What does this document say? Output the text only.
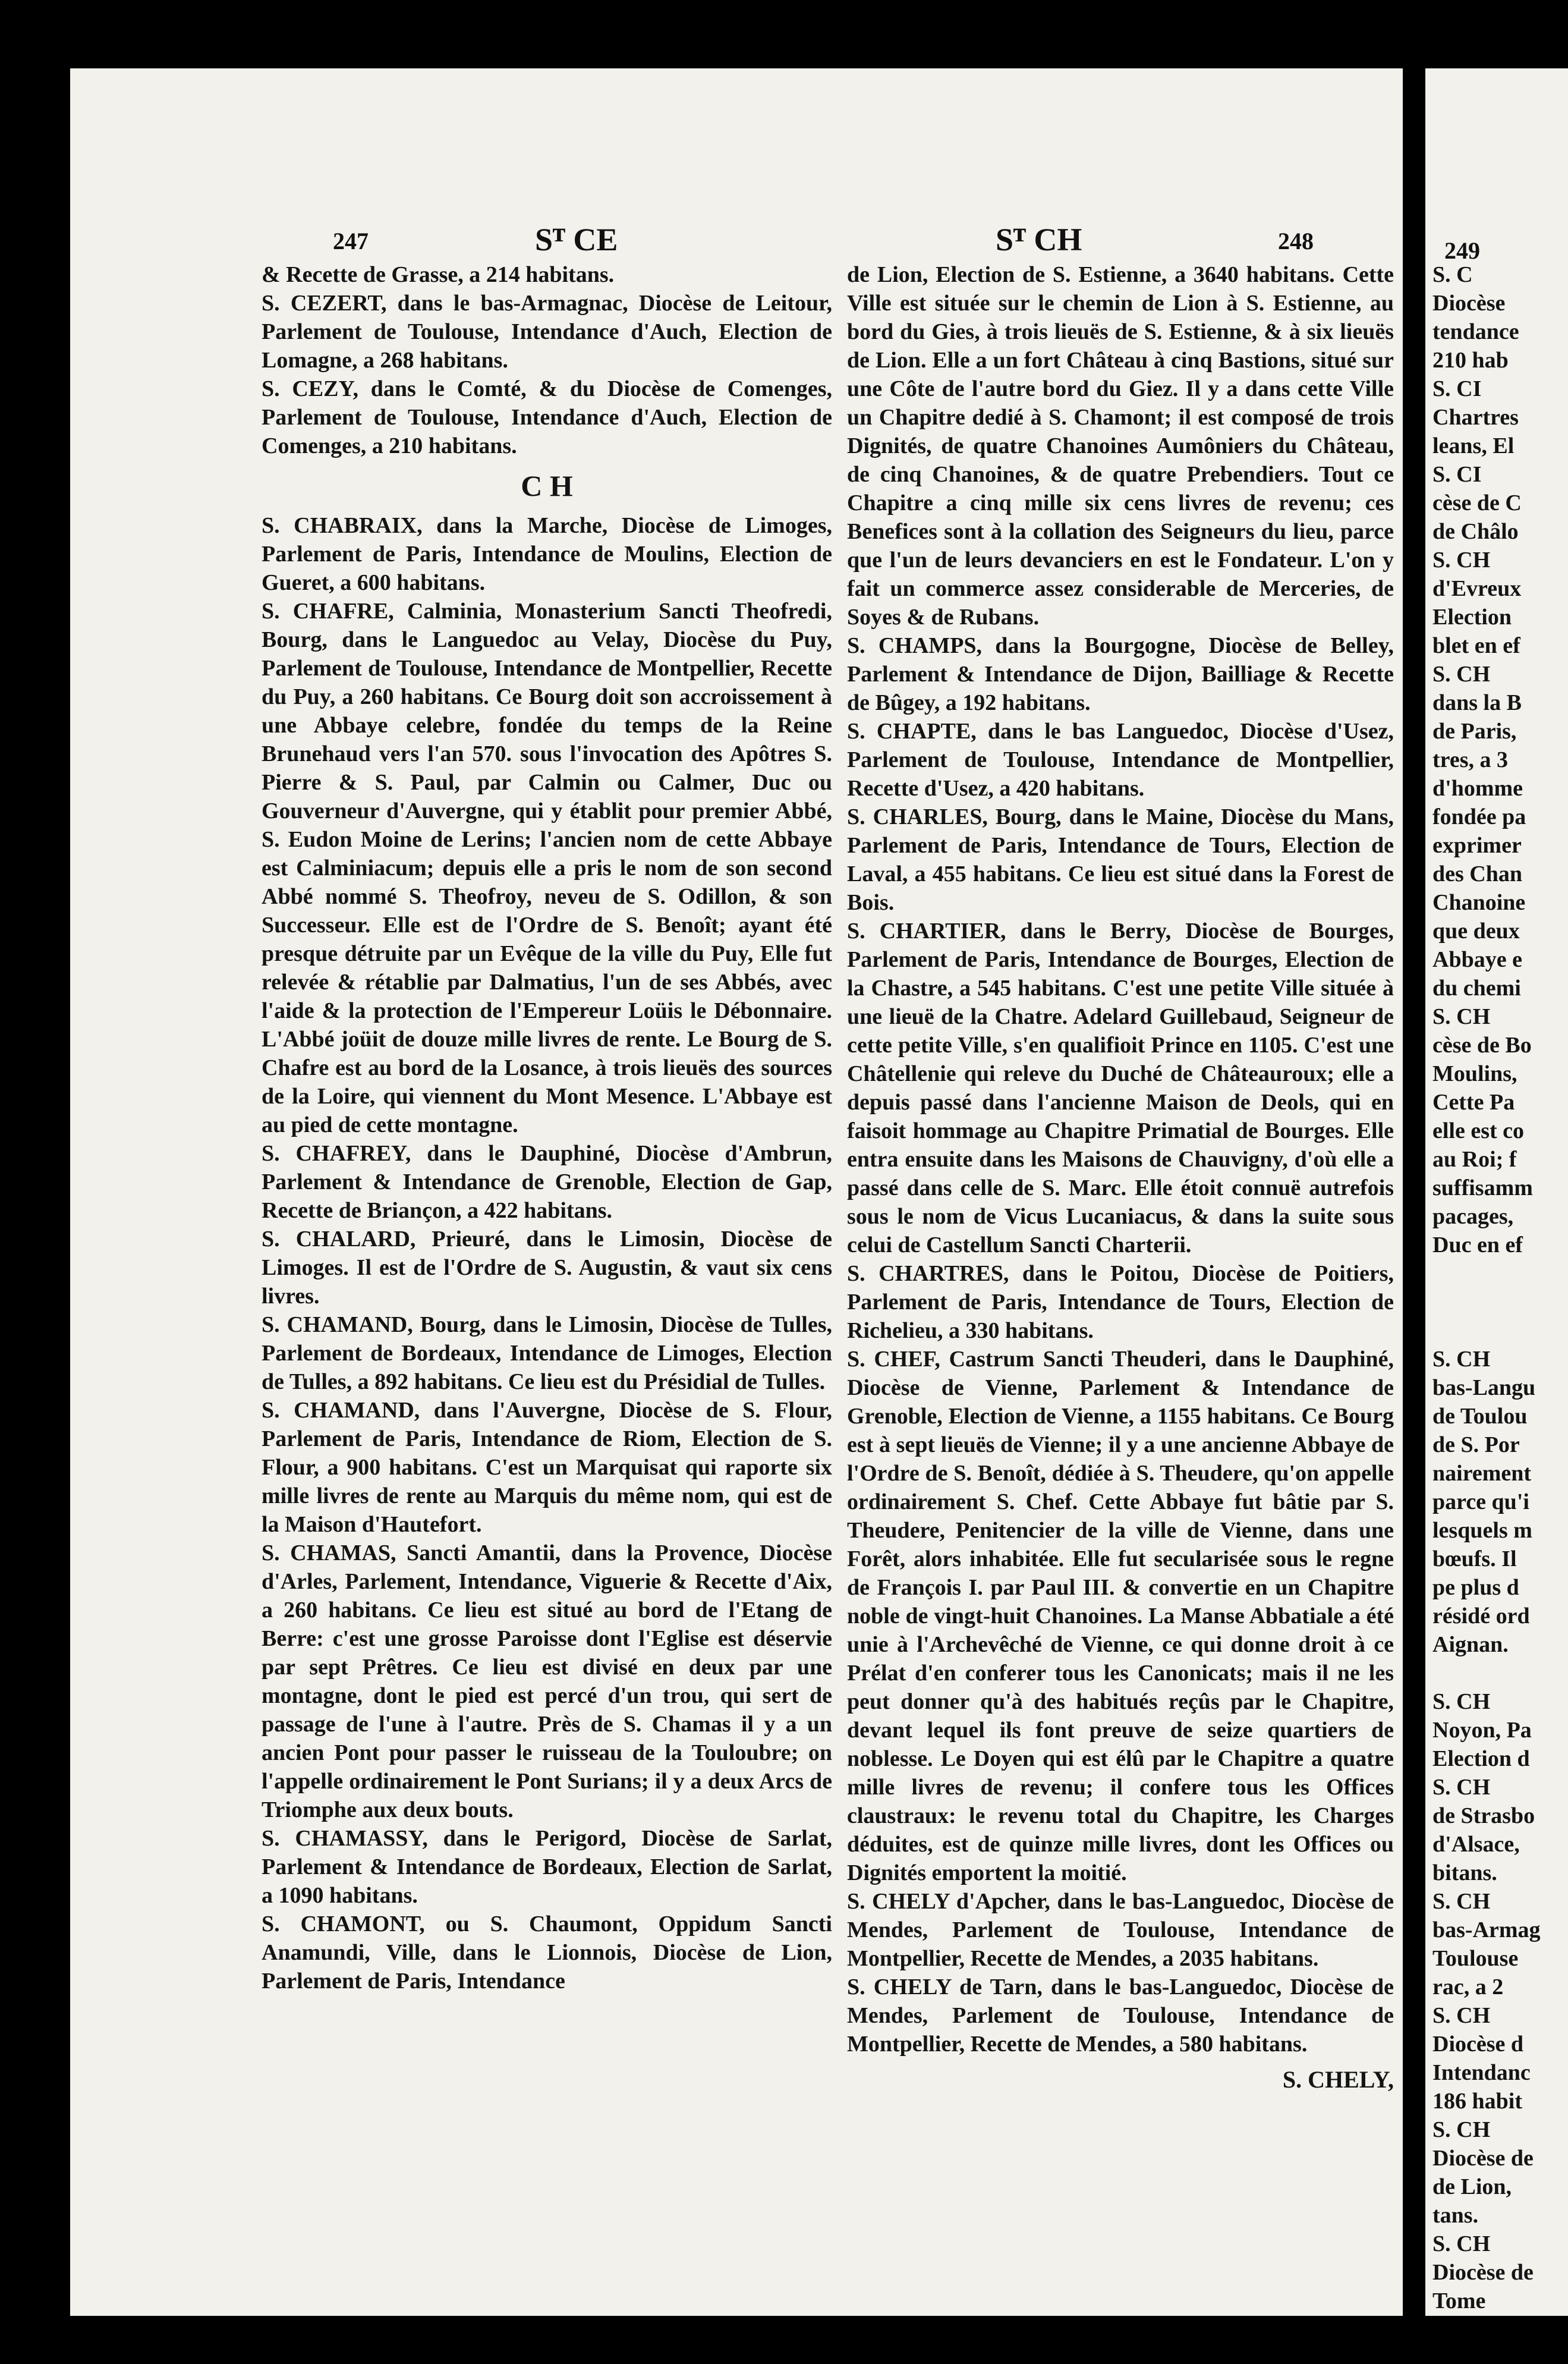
247	Sᵀ CE	Sᵀ CH	248	249

& Recette de Grasse, a 214 habitans.

S. CEZERT, dans le bas-Armagnac, Diocèse de Leitour, Parlement de Toulouse, Intendance d'Auch, Election de Lomagne, a 268 habitans.

S. CEZY, dans le Comté, & du Diocèse de Comenges, Parlement de Toulouse, Intendance d'Auch, Election de Comenges, a 210 habitans.

C H

S. CHABRAIX, dans la Marche, Diocèse de Limoges, Parlement de Paris, Intendance de Moulins, Election de Gueret, a 600 habitans.

S. CHAFRE, Calminia, Monasterium Sancti Theofredi, Bourg, dans le Languedoc au Velay, Diocèse du Puy, Parlement de Toulouse, Intendance de Montpellier, Recette du Puy, a 260 habitans. Ce Bourg doit son accroissement à une Abbaye celebre, fondée du temps de la Reine Brunehaud vers l'an 570. sous l'invocation des Apôtres S. Pierre & S. Paul, par Calmin ou Calmer, Duc ou Gouverneur d'Auvergne, qui y établit pour premier Abbé, S. Eudon Moine de Lerins; l'ancien nom de cette Abbaye est Calminiacum; depuis elle a pris le nom de son second Abbé nommé S. Theofroy, neveu de S. Odillon, & son Successeur. Elle est de l'Ordre de S. Benoît; ayant été presque détruite par un Evêque de la ville du Puy, Elle fut relevée & rétablie par Dalmatius, l'un de ses Abbés, avec l'aide & la protection de l'Empereur Loüis le Débonnaire. L'Abbé joüit de douze mille livres de rente. Le Bourg de S. Chafre est au bord de la Losance, à trois lieuës des sources de la Loire, qui viennent du Mont Mesence. L'Abbaye est au pied de cette montagne.

S. CHAFREY, dans le Dauphiné, Diocèse d'Ambrun, Parlement & Intendance de Grenoble, Election de Gap, Recette de Briançon, a 422 habitans.

S. CHALARD, Prieuré, dans le Limosin, Diocèse de Limoges. Il est de l'Ordre de S. Augustin, & vaut six cens livres.

S. CHAMAND, Bourg, dans le Limosin, Diocèse de Tulles, Parlement de Bordeaux, Intendance de Limoges, Election de Tulles, a 892 habitans. Ce lieu est du Présidial de Tulles.

S. CHAMAND, dans l'Auvergne, Diocèse de S. Flour, Parlement de Paris, Intendance de Riom, Election de S. Flour, a 900 habitans. C'est un Marquisat qui raporte six mille livres de rente au Marquis du même nom, qui est de la Maison d'Hautefort.

S. CHAMAS, Sancti Amantii, dans la Provence, Diocèse d'Arles, Parlement, Intendance, Viguerie & Recette d'Aix, a 260 habitans. Ce lieu est situé au bord de l'Etang de Berre: c'est une grosse Paroisse dont l'Eglise est déservie par sept Prêtres. Ce lieu est divisé en deux par une montagne, dont le pied est percé d'un trou, qui sert de passage de l'une à l'autre. Près de S. Chamas il y a un ancien Pont pour passer le ruisseau de la Touloubre; on l'appelle ordinairement le Pont Surians; il y a deux Arcs de Triomphe aux deux bouts.

S. CHAMASSY, dans le Perigord, Diocèse de Sarlat, Parlement & Intendance de Bordeaux, Election de Sarlat, a 1090 habitans.

S. CHAMONT, ou S. Chaumont, Oppidum Sancti Anamundi, Ville, dans le Lionnois, Diocèse de Lion, Parlement de Paris, Intendance

de Lion, Election de S. Estienne, a 3640 habitans. Cette Ville est située sur le chemin de Lion à S. Estienne, au bord du Gies, à trois lieuës de S. Estienne, & à six lieuës de Lion. Elle a un fort Château à cinq Bastions, situé sur une Côte de l'autre bord du Giez. Il y a dans cette Ville un Chapitre dedié à S. Chamont; il est composé de trois Dignités, de quatre Chanoines Aumôniers du Château, de cinq Chanoines, & de quatre Prebendiers. Tout ce Chapitre a cinq mille six cens livres de revenu; ces Benefices sont à la collation des Seigneurs du lieu, parce que l'un de leurs devanciers en est le Fondateur. L'on y fait un commerce assez considerable de Merceries, de Soyes & de Rubans.

S. CHAMPS, dans la Bourgogne, Diocèse de Belley, Parlement & Intendance de Dijon, Bailliage & Recette de Bûgey, a 192 habitans.

S. CHAPTE, dans le bas Languedoc, Diocèse d'Usez, Parlement de Toulouse, Intendance de Montpellier, Recette d'Usez, a 420 habitans.

S. CHARLES, Bourg, dans le Maine, Diocèse du Mans, Parlement de Paris, Intendance de Tours, Election de Laval, a 455 habitans. Ce lieu est situé dans la Forest de Bois.

S. CHARTIER, dans le Berry, Diocèse de Bourges, Parlement de Paris, Intendance de Bourges, Election de la Chastre, a 545 habitans. C'est une petite Ville située à une lieuë de la Chatre. Adelard Guillebaud, Seigneur de cette petite Ville, s'en qualifioit Prince en 1105. C'est une Châtellenie qui releve du Duché de Châteauroux; elle a depuis passé dans l'ancienne Maison de Deols, qui en faisoit hommage au Chapitre Primatial de Bourges. Elle entra ensuite dans les Maisons de Chauvigny, d'où elle a passé dans celle de S. Marc. Elle étoit connuë autrefois sous le nom de Vicus Lucaniacus, & dans la suite sous celui de Castellum Sancti Charterii.

S. CHARTRES, dans le Poitou, Diocèse de Poitiers, Parlement de Paris, Intendance de Tours, Election de Richelieu, a 330 habitans.

S. CHEF, Castrum Sancti Theuderi, dans le Dauphiné, Diocèse de Vienne, Parlement & Intendance de Grenoble, Election de Vienne, a 1155 habitans. Ce Bourg est à sept lieuës de Vienne; il y a une ancienne Abbaye de l'Ordre de S. Benoît, dédiée à S. Theudere, qu'on appelle ordinairement S. Chef. Cette Abbaye fut bâtie par S. Theudere, Penitencier de la ville de Vienne, dans une Forêt, alors inhabitée. Elle fut secularisée sous le regne de François I. par Paul III. & convertie en un Chapitre noble de vingt-huit Chanoines. La Manse Abbatiale a été unie à l'Archevêché de Vienne, ce qui donne droit à ce Prélat d'en conferer tous les Canonicats; mais il ne les peut donner qu'à des habitués reçûs par le Chapitre, devant lequel ils font preuve de seize quartiers de noblesse. Le Doyen qui est élû par le Chapitre a quatre mille livres de revenu; il confere tous les Offices claustraux: le revenu total du Chapitre, les Charges déduites, est de quinze mille livres, dont les Offices ou Dignités emportent la moitié.

S. CHELY d'Apcher, dans le bas-Languedoc, Diocèse de Mendes, Parlement de Toulouse, Intendance de Montpellier, Recette de Mendes, a 2035 habitans.

S. CHELY de Tarn, dans le bas-Languedoc, Diocèse de Mendes, Parlement de Toulouse, Intendance de Montpellier, Recette de Mendes, a 580 habitans.

S. CHELY,

S. C

Diocèse

tendance

210 hab

S. CI

Chartres

leans, El

S. CI

cèse de C

de Châlo

S. CH

d'Evreux

Election

blet en ef

S. CH

dans la B

de Paris,

tres, a 3

d'homme

fondée pa

exprimer

des Chan

Chanoine

que deux

Abbaye e

du chemi

S. CH

cèse de Bo

Moulins,

Cette Pa

elle est co

au Roi; f

suffisamm

pacages,

Duc en ef

S. CH

bas-Langu

de Toulou

de S. Por

nairement

parce qu'i

lesquels m

bœufs. Il

pe plus d

résidé ord

Aignan.

S. CH

Noyon, Pa

Election d

S. CH

de Strasbo

d'Alsace,

bitans.

S. CH

bas-Armag

Toulouse

rac, a 2

S. CH

Diocèse d

Intendanc

186 habit

S. CH

Diocèse de

de Lion,

tans.

S. CH

Diocèse de

Tome
